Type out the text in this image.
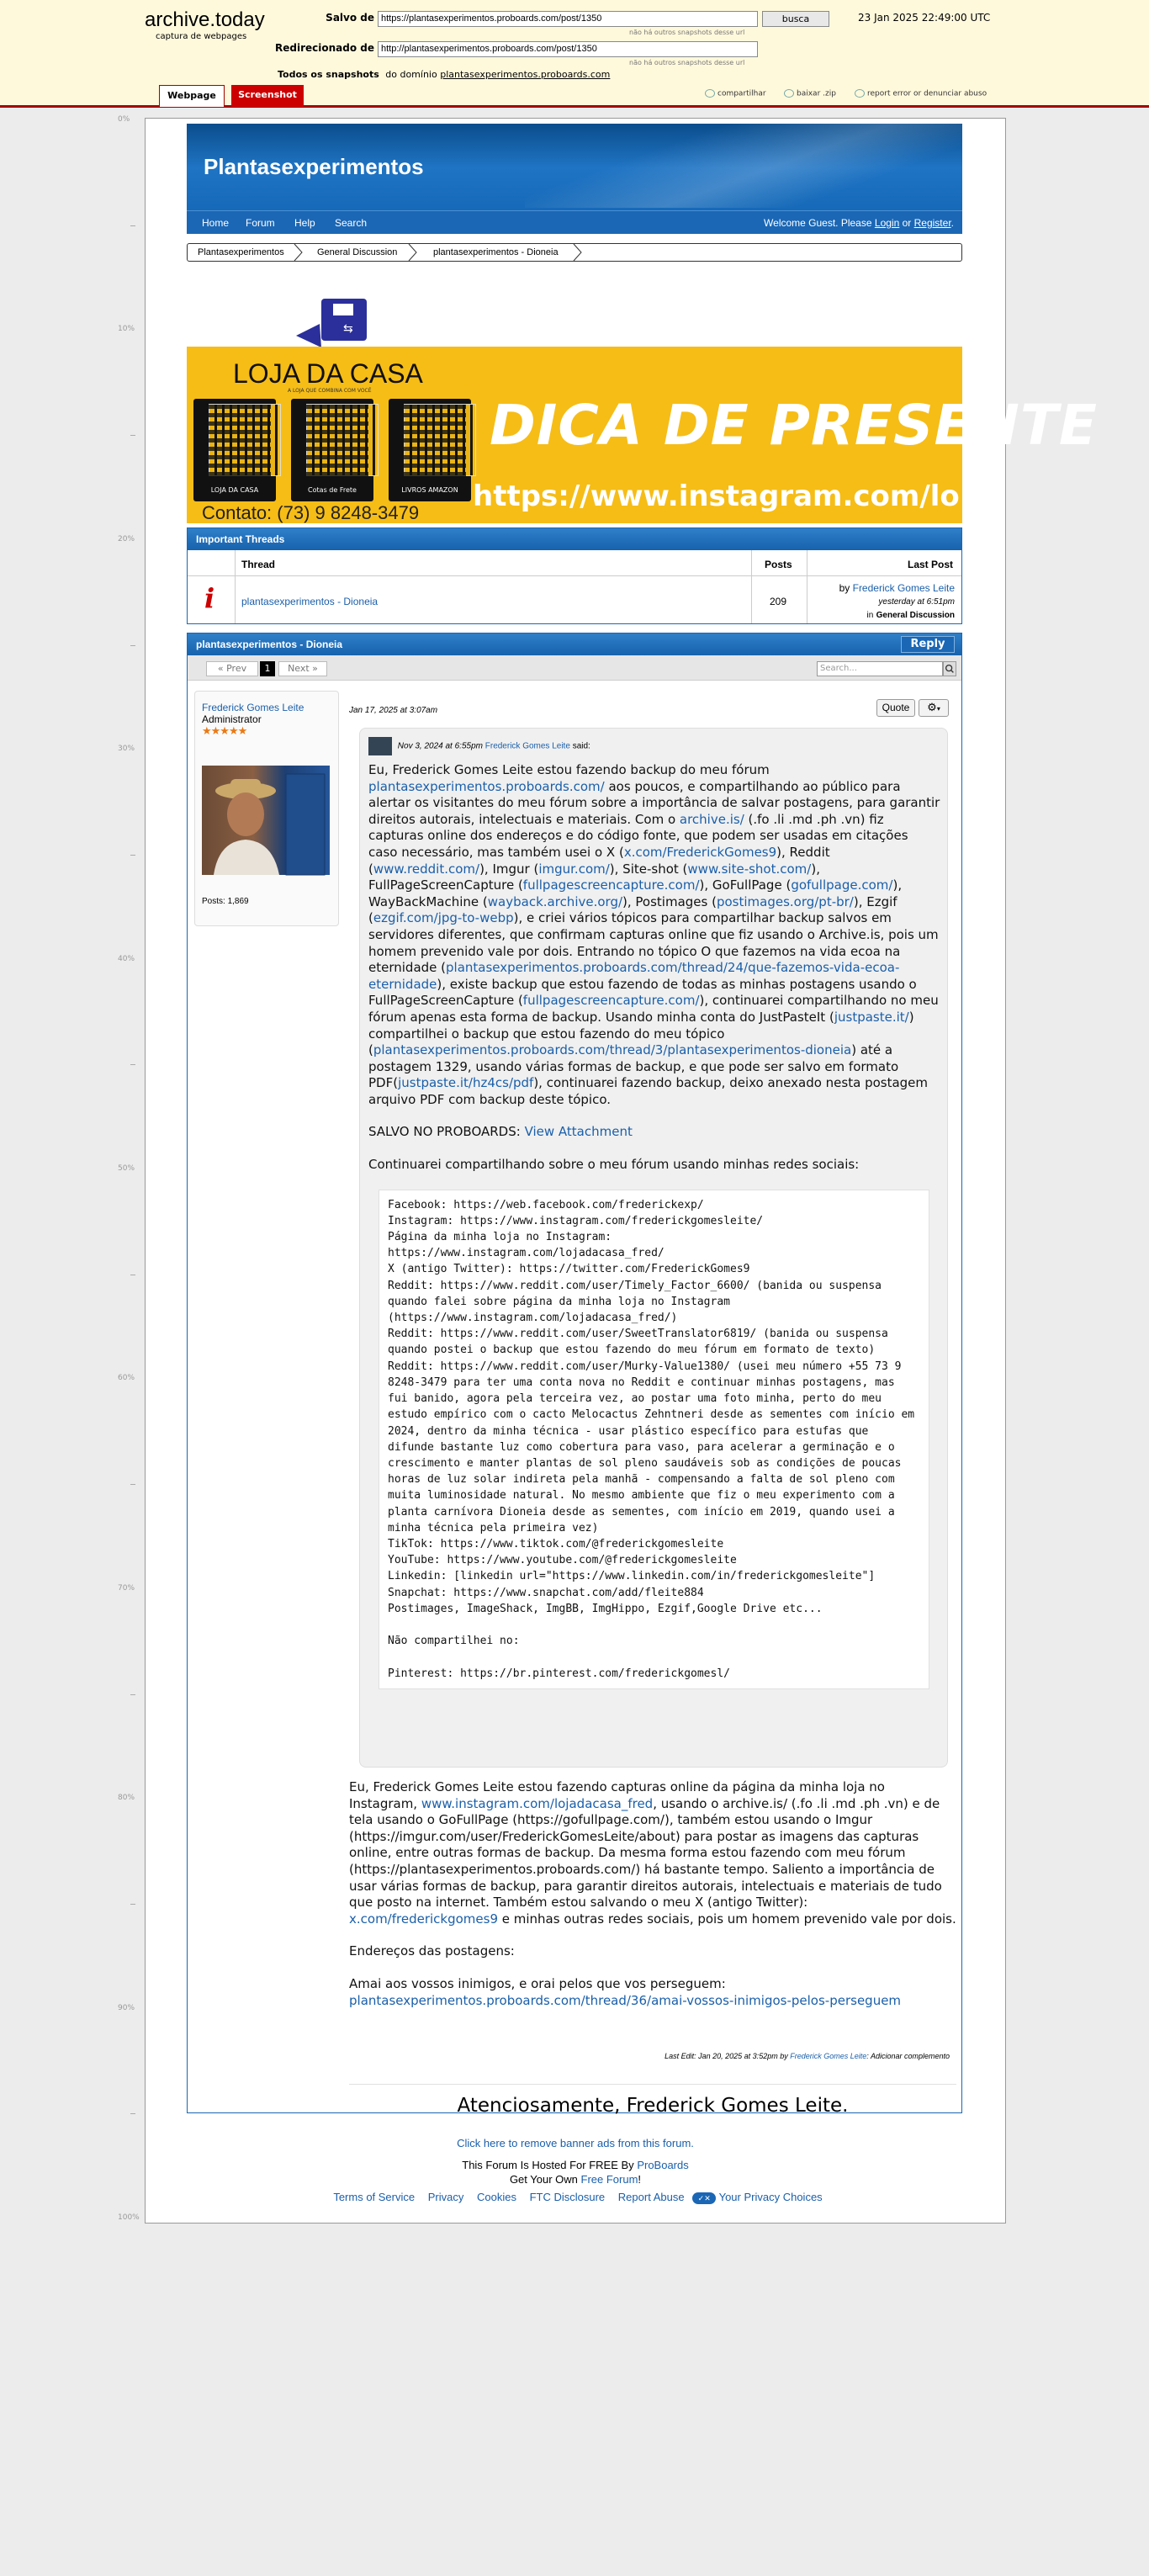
archive.today
captura de webpages
Salvo de https://plantasexperimentos.proboards.com/post/1350	busca
não há outros snapshots desse url
Redirecionado de http://plantasexperimentos.proboards.com/post/1350
não há outros snapshots desse url
Todos os snapshots do domínio plantasexperimentos.proboards.com
23 Jan 2025 22:49:00 UTC
Webpage	Screenshot	compartilhar	baixar .zip	report error or denunciar abuso
0%
10%
20%
30%
40%
50%
60%
70%
80%
90%
100%
Plantasexperimentos
Home Forum Help Search	Welcome Guest. Please Login or Register.
Plantasexperimentos	General Discussion	plantasexperimentos - Dioneia
⇆
LOJA DA CASA
A LOJA QUE COMBINA COM VOCÊ
LOJA DA CASA	Cotas de Frete	LIVROS AMAZON
DICA DE PRESENTE
https://www.instagram.com/lo
Contato: (73) 9 8248-3479
Important Threads
Thread	Posts	Last Post
i	plantasexperimentos - Dioneia	209
by Frederick Gomes Leite
yesterday at 6:51pm
in General Discussion
plantasexperimentos - Dioneia	Reply
« Prev	1	Next »	Search...
Frederick Gomes Leite
Administrator
★★★★★
Posts: 1,869
Jan 17, 2025 at 3:07am	Quote	⚙▾
Nov 3, 2024 at 6:55pm Frederick Gomes Leite said:

Eu, Frederick Gomes Leite estou fazendo backup do meu fórum plantasexperimentos.proboards.com/ aos poucos, e compartilhando ao público para alertar os visitantes do meu fórum sobre a importância de salvar postagens, para garantir direitos autorais, intelectuais e materiais. Com o archive.is/ (.fo .li .md .ph .vn) fiz capturas online dos endereços e do código fonte, que podem ser usadas em citações caso necessário, mas também usei o X (x.com/FrederickGomes9), Reddit (www.reddit.com/), Imgur (imgur.com/), Site-shot (www.site-shot.com/), FullPageScreenCapture (fullpagescreencapture.com/), GoFullPage (gofullpage.com/), WayBackMachine (wayback.archive.org/), Postimages (postimages.org/pt-br/), Ezgif (ezgif.com/jpg-to-webp), e criei vários tópicos para compartilhar backup salvos em servidores diferentes, que confirmam capturas online que fiz usando o Archive.is, pois um homem prevenido vale por dois. Entrando no tópico O que fazemos na vida ecoa na eternidade (plantasexperimentos.proboards.com/thread/24/que-fazemos-vida-ecoa-eternidade), existe backup que estou fazendo de todas as minhas postagens usando o FullPageScreenCapture (fullpagescreencapture.com/), continuarei compartilhando no meu fórum apenas esta forma de backup. Usando minha conta do JustPasteIt (justpaste.it/) compartilhei o backup que estou fazendo do meu tópico (plantasexperimentos.proboards.com/thread/3/plantasexperimentos-dioneia) até a postagem 1329, usando várias formas de backup, e que pode ser salvo em formato PDF(justpaste.it/hz4cs/pdf), continuarei fazendo backup, deixo anexado nesta postagem arquivo PDF com backup deste tópico.

SALVO NO PROBOARDS: View Attachment

Continuarei compartilhando sobre o meu fórum usando minhas redes sociais:

Facebook: https://web.facebook.com/frederickexp/
Instagram: https://www.instagram.com/frederickgomesleite/
Página da minha loja no Instagram:
https://www.instagram.com/lojadacasa_fred/
X (antigo Twitter): https://twitter.com/FrederickGomes9
Reddit: https://www.reddit.com/user/Timely_Factor_6600/ (banida ou suspensa quando falei sobre página da minha loja no Instagram (https://www.instagram.com/lojadacasa_fred/)
Reddit: https://www.reddit.com/user/SweetTranslator6819/ (banida ou suspensa quando postei o backup que estou fazendo do meu fórum em formato de texto)
Reddit: https://www.reddit.com/user/Murky-Value1380/ (usei meu número +55 73 9 8248-3479 para ter uma conta nova no Reddit e continuar minhas postagens, mas fui banido, agora pela terceira vez, ao postar uma foto minha, perto do meu estudo empírico com o cacto Melocactus Zehntneri desde as sementes com início em 2024, dentro da minha técnica - usar plástico específico para estufas que difunde bastante luz como cobertura para vaso, para acelerar a germinação e o crescimento e manter plantas de sol pleno saudáveis sob as condições de poucas horas de luz solar indireta pela manhã - compensando a falta de sol pleno com muita luminosidade natural. No mesmo ambiente que fiz o meu experimento com a planta carnívora Dioneia desde as sementes, com início em 2019, quando usei a minha técnica pela primeira vez)
TikTok: https://www.tiktok.com/@frederickgomesleite
YouTube: https://www.youtube.com/@frederickgomesleite
Linkedin: [linkedin url="https://www.linkedin.com/in/frederickgomesleite"]
Snapchat: https://www.snapchat.com/add/fleite884
Postimages, ImageShack, ImgBB, ImgHippo, Ezgif,Google Drive etc...

Não compartilhei no:

Pinterest: https://br.pinterest.com/frederickgomesl/

Eu, Frederick Gomes Leite estou fazendo capturas online da página da minha loja no Instagram, www.instagram.com/lojadacasa_fred, usando o archive.is/ (.fo .li .md .ph .vn) e de tela usando o GoFullPage (https://gofullpage.com/), também estou usando o Imgur (https://imgur.com/user/FrederickGomesLeite/about) para postar as imagens das capturas online, entre outras formas de backup. Da mesma forma estou fazendo com meu fórum (https://plantasexperimentos.proboards.com/) há bastante tempo. Saliento a importância de usar várias formas de backup, para garantir direitos autorais, intelectuais e materiais de tudo que posto na internet. Também estou salvando o meu X (antigo Twitter): x.com/frederickgomes9 e minhas outras redes sociais, pois um homem prevenido vale por dois.

Endereços das postagens:

Amai aos vossos inimigos, e orai pelos que vos perseguem:
plantasexperimentos.proboards.com/thread/36/amai-vossos-inimigos-pelos-perseguem
Last Edit: Jan 20, 2025 at 3:52pm by Frederick Gomes Leite: Adicionar complemento
Atenciosamente, Frederick Gomes Leite.
Click here to remove banner ads from this forum.
This Forum Is Hosted For FREE By ProBoards
Get Your Own Free Forum!
Terms of Service Privacy Cookies FTC Disclosure Report Abuse ✓✕ Your Privacy Choices
